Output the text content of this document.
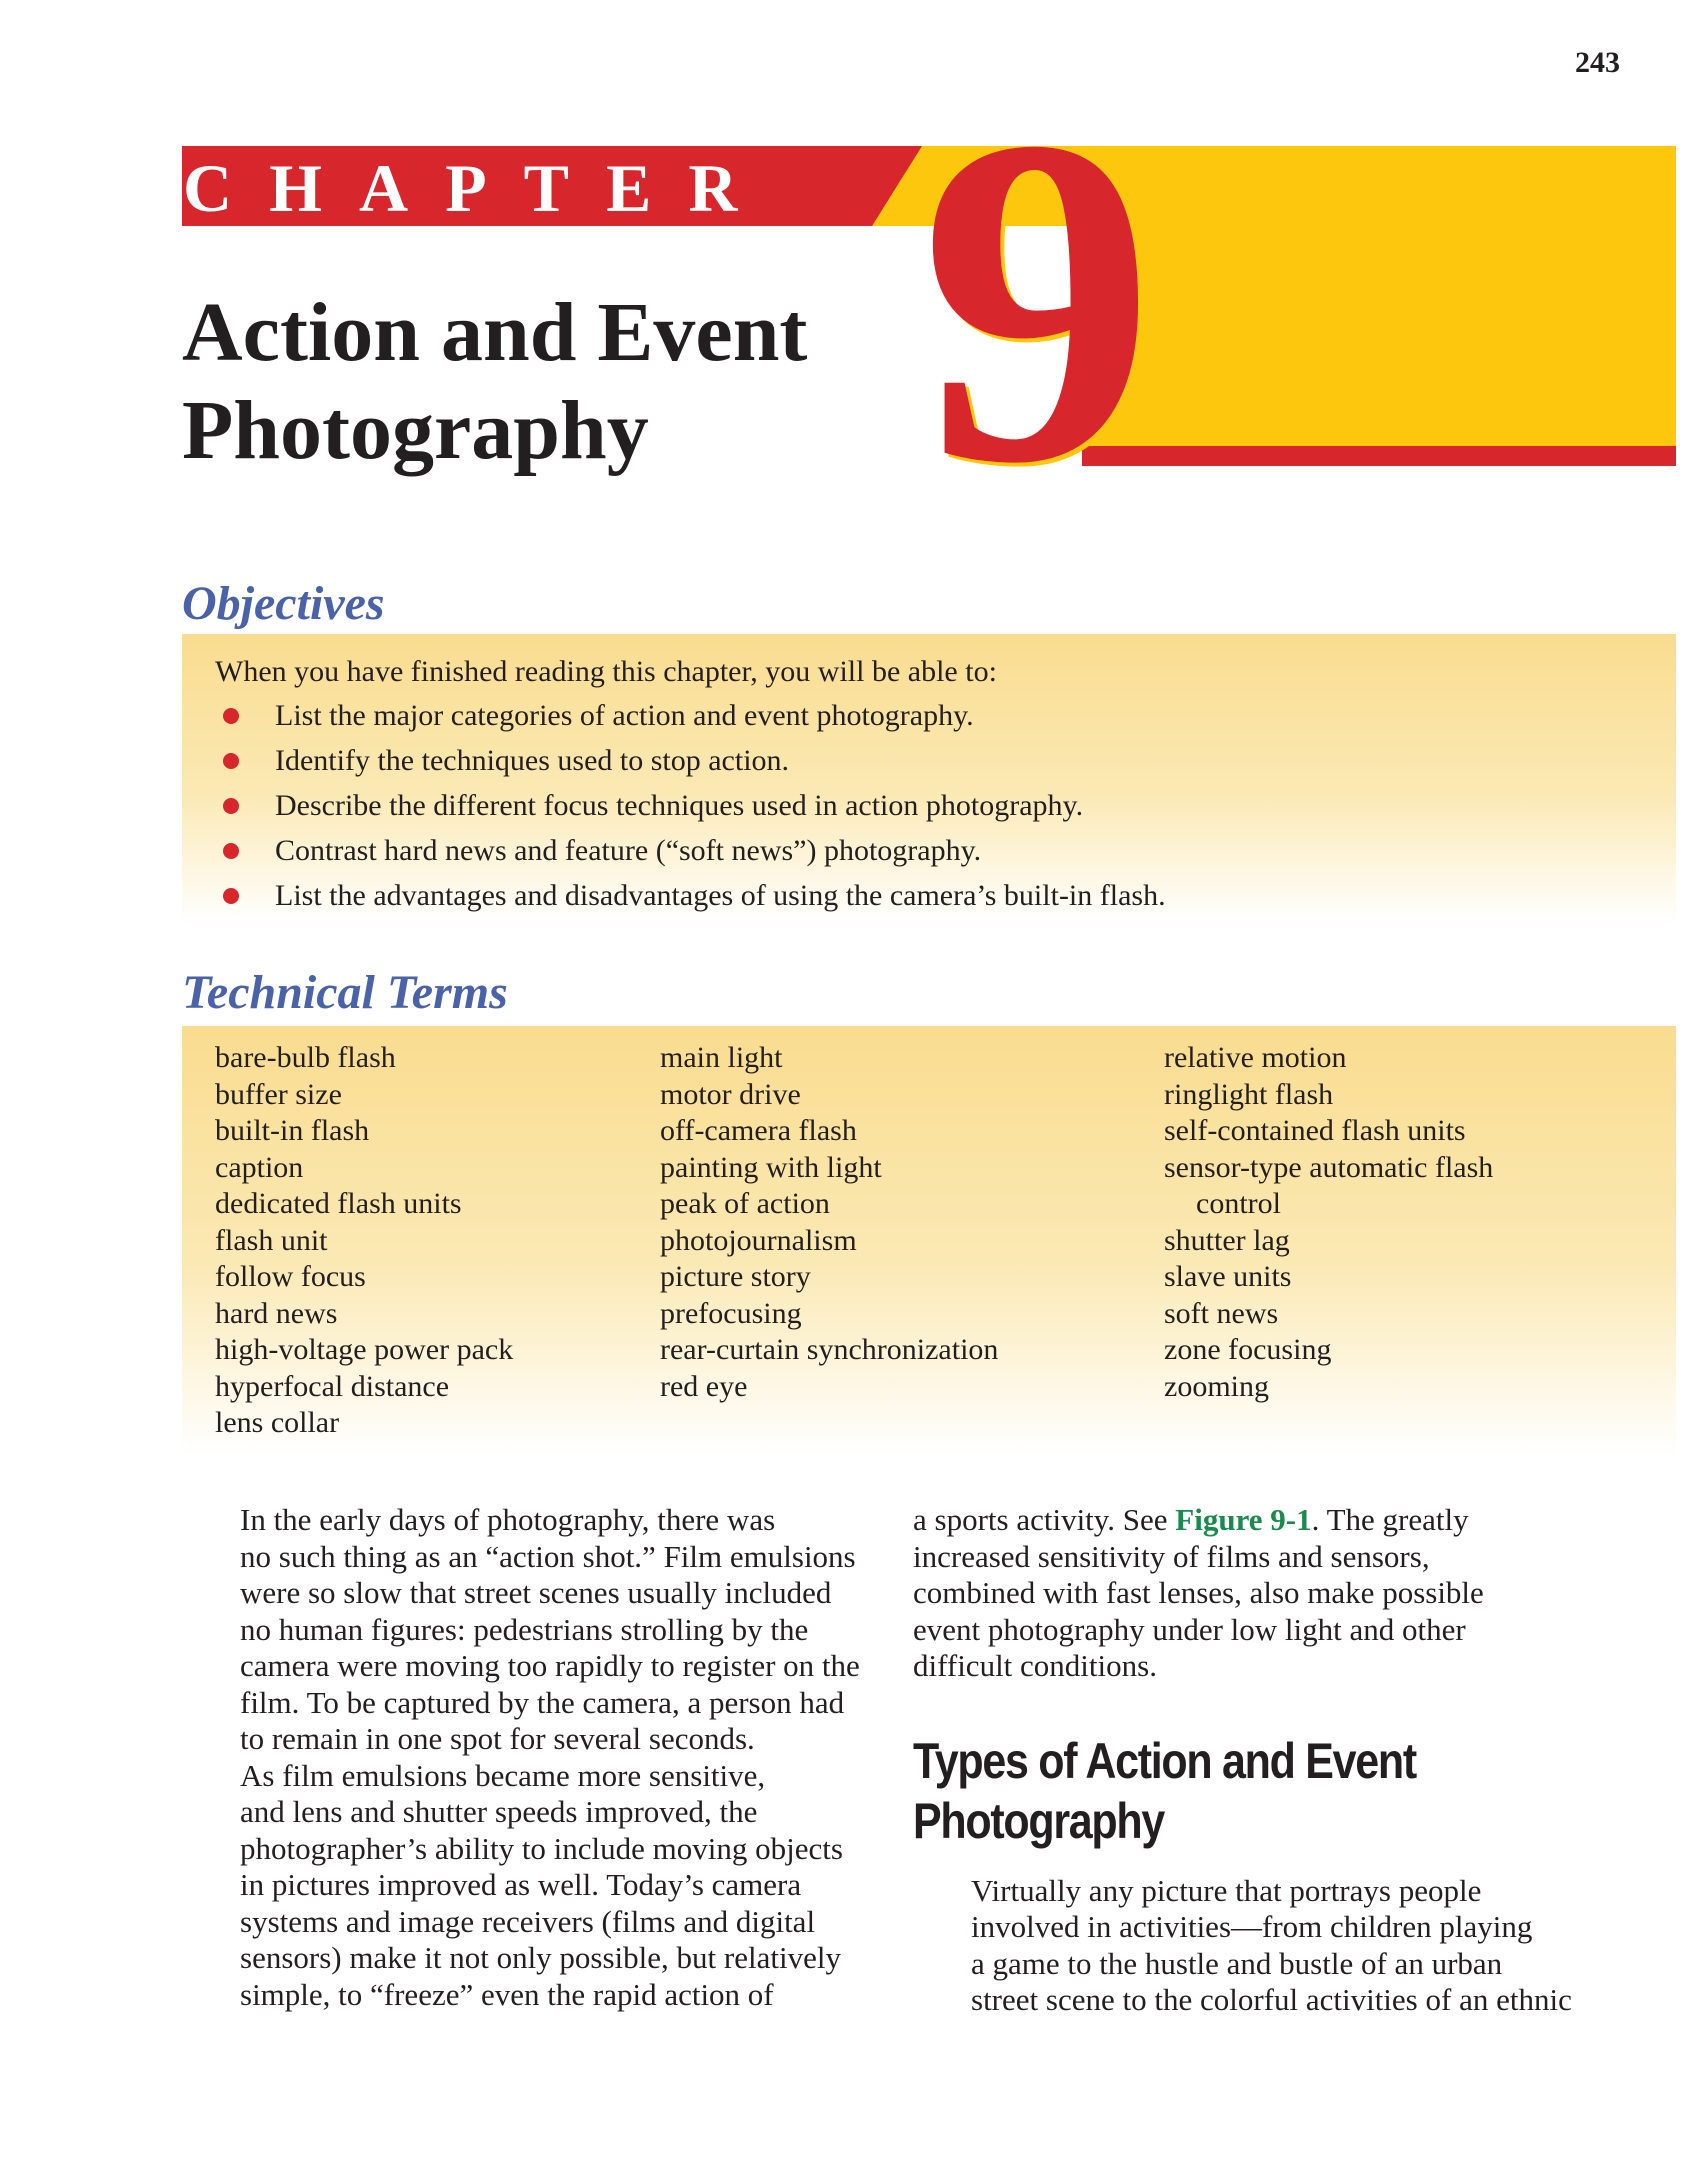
243
CHAPTER 9
Action and Event
Photography
Objectives
When you have finished reading this chapter, you will be able to:
List the major categories of action and event photography.
Identify the techniques used to stop action.
Describe the different focus techniques used in action photography.
Contrast hard news and feature (“soft news”) photography.
List the advantages and disadvantages of using the camera’s built-in flash.
Technical Terms
bare-bulb flash
buffer size
built-in flash
caption
dedicated flash units
flash unit
follow focus
hard news
high-voltage power pack
hyperfocal distance
lens collar
main light
motor drive
off-camera flash
painting with light
peak of action
photojournalism
picture story
prefocusing
rear-curtain synchronization
red eye
relative motion
ringlight flash
self-contained flash units
sensor-type automatic flash
control
shutter lag
slave units
soft news
zone focusing
zooming

In the early days of photography, there was
no such thing as an “action shot.” Film emulsions
were so slow that street scenes usually included
no human figures: pedestrians strolling by the
camera were moving too rapidly to register on the
film. To be captured by the camera, a person had
to remain in one spot for several seconds.

As film emulsions became more sensitive,
and lens and shutter speeds improved, the
photographer’s ability to include moving objects
in pictures improved as well. Today’s camera
systems and image receivers (films and digital
sensors) make it not only possible, but relatively
simple, to “freeze” even the rapid action of

a sports activity. See Figure 9-1. The greatly
increased sensitivity of films and sensors,
combined with fast lenses, also make possible
event photography under low light and other
difficult conditions.

Types of Action and Event
Photography

Virtually any picture that portrays people
involved in activities—from children playing
a game to the hustle and bustle of an urban
street scene to the colorful activities of an ethnic
